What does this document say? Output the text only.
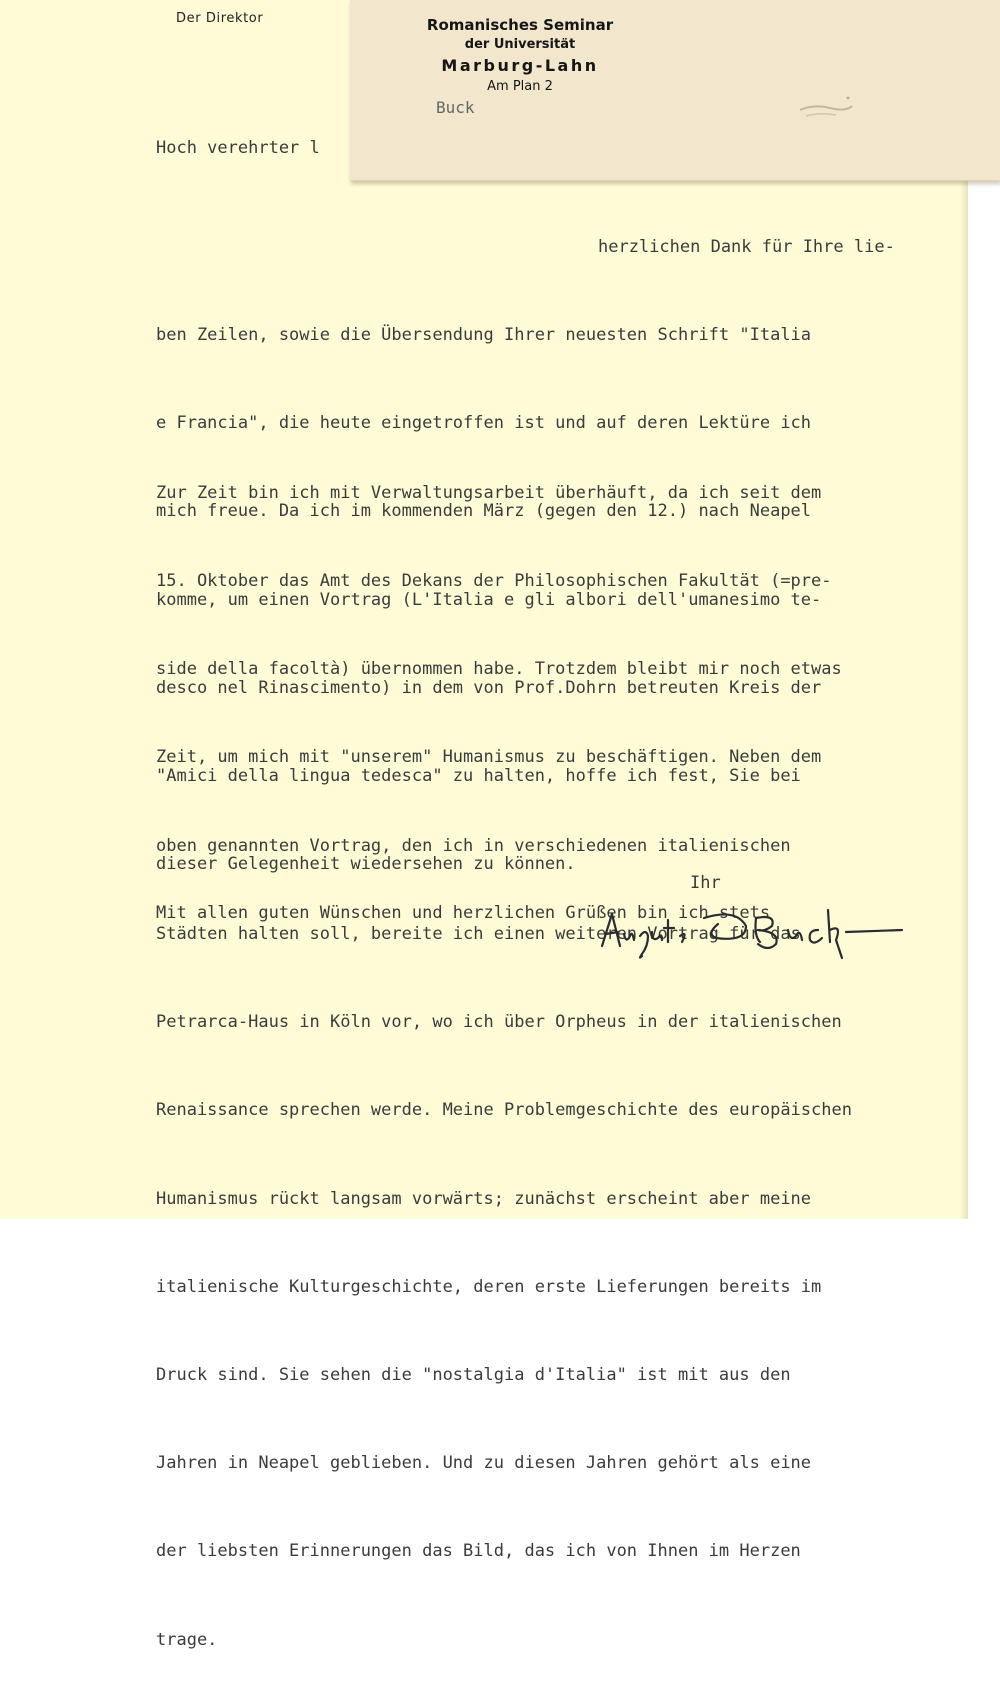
Der Direktor	Romanisches Seminar
der Universität
Marburg-Lahn
Am Plan 2
Buck
Hoch verehrter l

herzlichen Dank für Ihre lie-

ben Zeilen, sowie die Übersendung Ihrer neuesten Schrift "Italia

e Francia", die heute eingetroffen ist und auf deren Lektüre ich

mich freue. Da ich im kommenden März (gegen den 12.) nach Neapel

komme, um einen Vortrag (L'Italia e gli albori dell'umanesimo te-

desco nel Rinascimento) in dem von Prof.Dohrn betreuten Kreis der

"Amici della lingua tedesca" zu halten, hoffe ich fest, Sie bei

dieser Gelegenheit wiedersehen zu können.

Zur Zeit bin ich mit Verwaltungsarbeit überhäuft, da ich seit dem

15. Oktober das Amt des Dekans der Philosophischen Fakultät (=pre-

side della facoltà) übernommen habe. Trotzdem bleibt mir noch etwas

Zeit, um mich mit "unserem" Humanismus zu beschäftigen. Neben dem

oben genannten Vortrag, den ich in verschiedenen italienischen

Städten halten soll, bereite ich einen weiteren Vortrag für das

Petrarca-Haus in Köln vor, wo ich über Orpheus in der italienischen

Renaissance sprechen werde. Meine Problemgeschichte des europäischen

Humanismus rückt langsam vorwärts; zunächst erscheint aber meine

italienische Kulturgeschichte, deren erste Lieferungen bereits im

Druck sind. Sie sehen die "nostalgia d'Italia" ist mit aus den

Jahren in Neapel geblieben. Und zu diesen Jahren gehört als eine

der liebsten Erinnerungen das Bild, das ich von Ihnen im Herzen

trage.

Mit allen guten Wünschen und herzlichen Grüßen bin ich stets

Ihr
